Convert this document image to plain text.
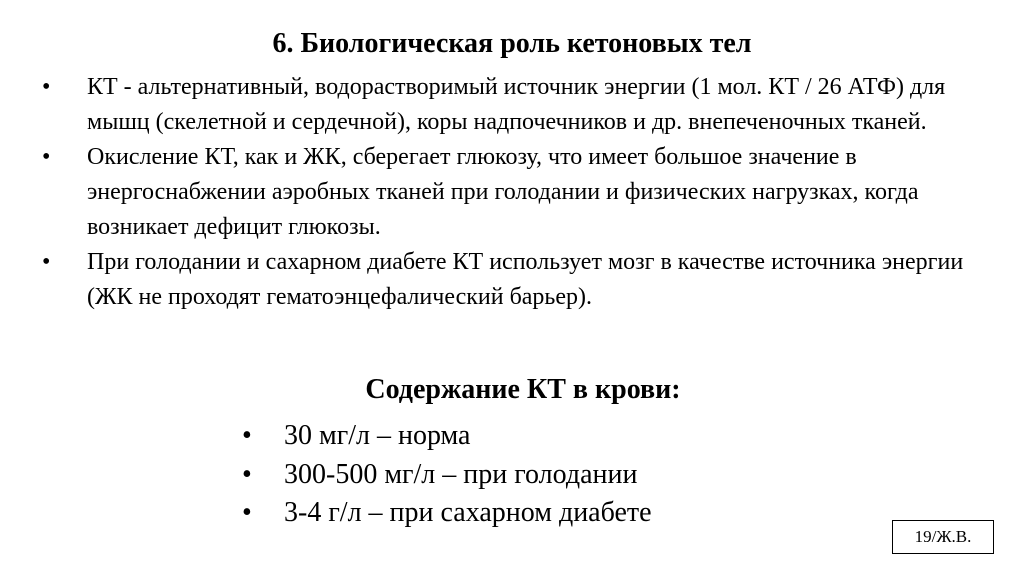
6. Биологическая роль кетоновых тел
• КТ - альтернативный, водорастворимый источник энергии (1 мол. КТ / 26 АТФ) для мышц (скелетной и сердечной), коры надпочечников и др. внепеченочных тканей.
• Окисление КТ, как и ЖК, сберегает глюкозу, что имеет большое значение в энергоснабжении аэробных тканей при голодании и физических нагрузках, когда возникает дефицит глюкозы.
• При голодании и сахарном диабете КТ использует мозг в качестве источника энергии (ЖК не проходят гематоэнцефалический барьер).
Содержание КТ в крови:
• 30 мг/л – норма
• 300-500 мг/л – при голодании
• 3-4 г/л – при сахарном диабете
19/Ж.В.
